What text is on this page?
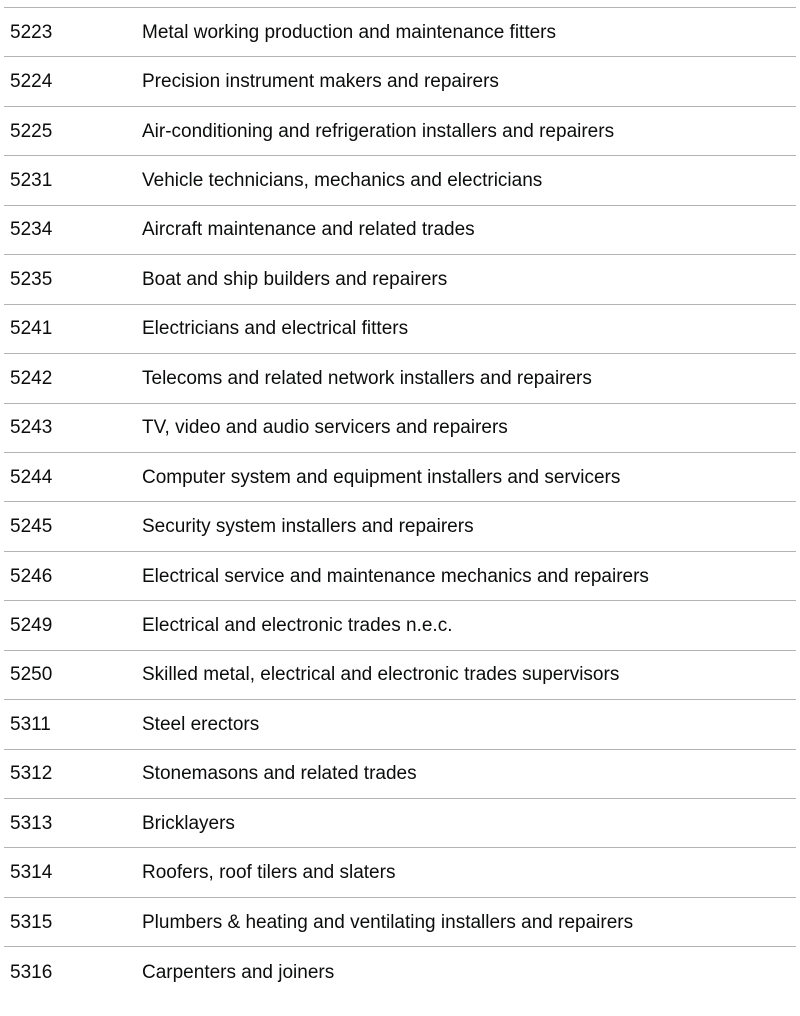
5223	Metal working production and maintenance fitters
5224	Precision instrument makers and repairers
5225	Air-conditioning and refrigeration installers and repairers
5231	Vehicle technicians, mechanics and electricians
5234	Aircraft maintenance and related trades
5235	Boat and ship builders and repairers
5241	Electricians and electrical fitters
5242	Telecoms and related network installers and repairers
5243	TV, video and audio servicers and repairers
5244	Computer system and equipment installers and servicers
5245	Security system installers and repairers
5246	Electrical service and maintenance mechanics and repairers
5249	Electrical and electronic trades n.e.c.
5250	Skilled metal, electrical and electronic trades supervisors
5311	Steel erectors
5312	Stonemasons and related trades
5313	Bricklayers
5314	Roofers, roof tilers and slaters
5315	Plumbers & heating and ventilating installers and repairers
5316	Carpenters and joiners
